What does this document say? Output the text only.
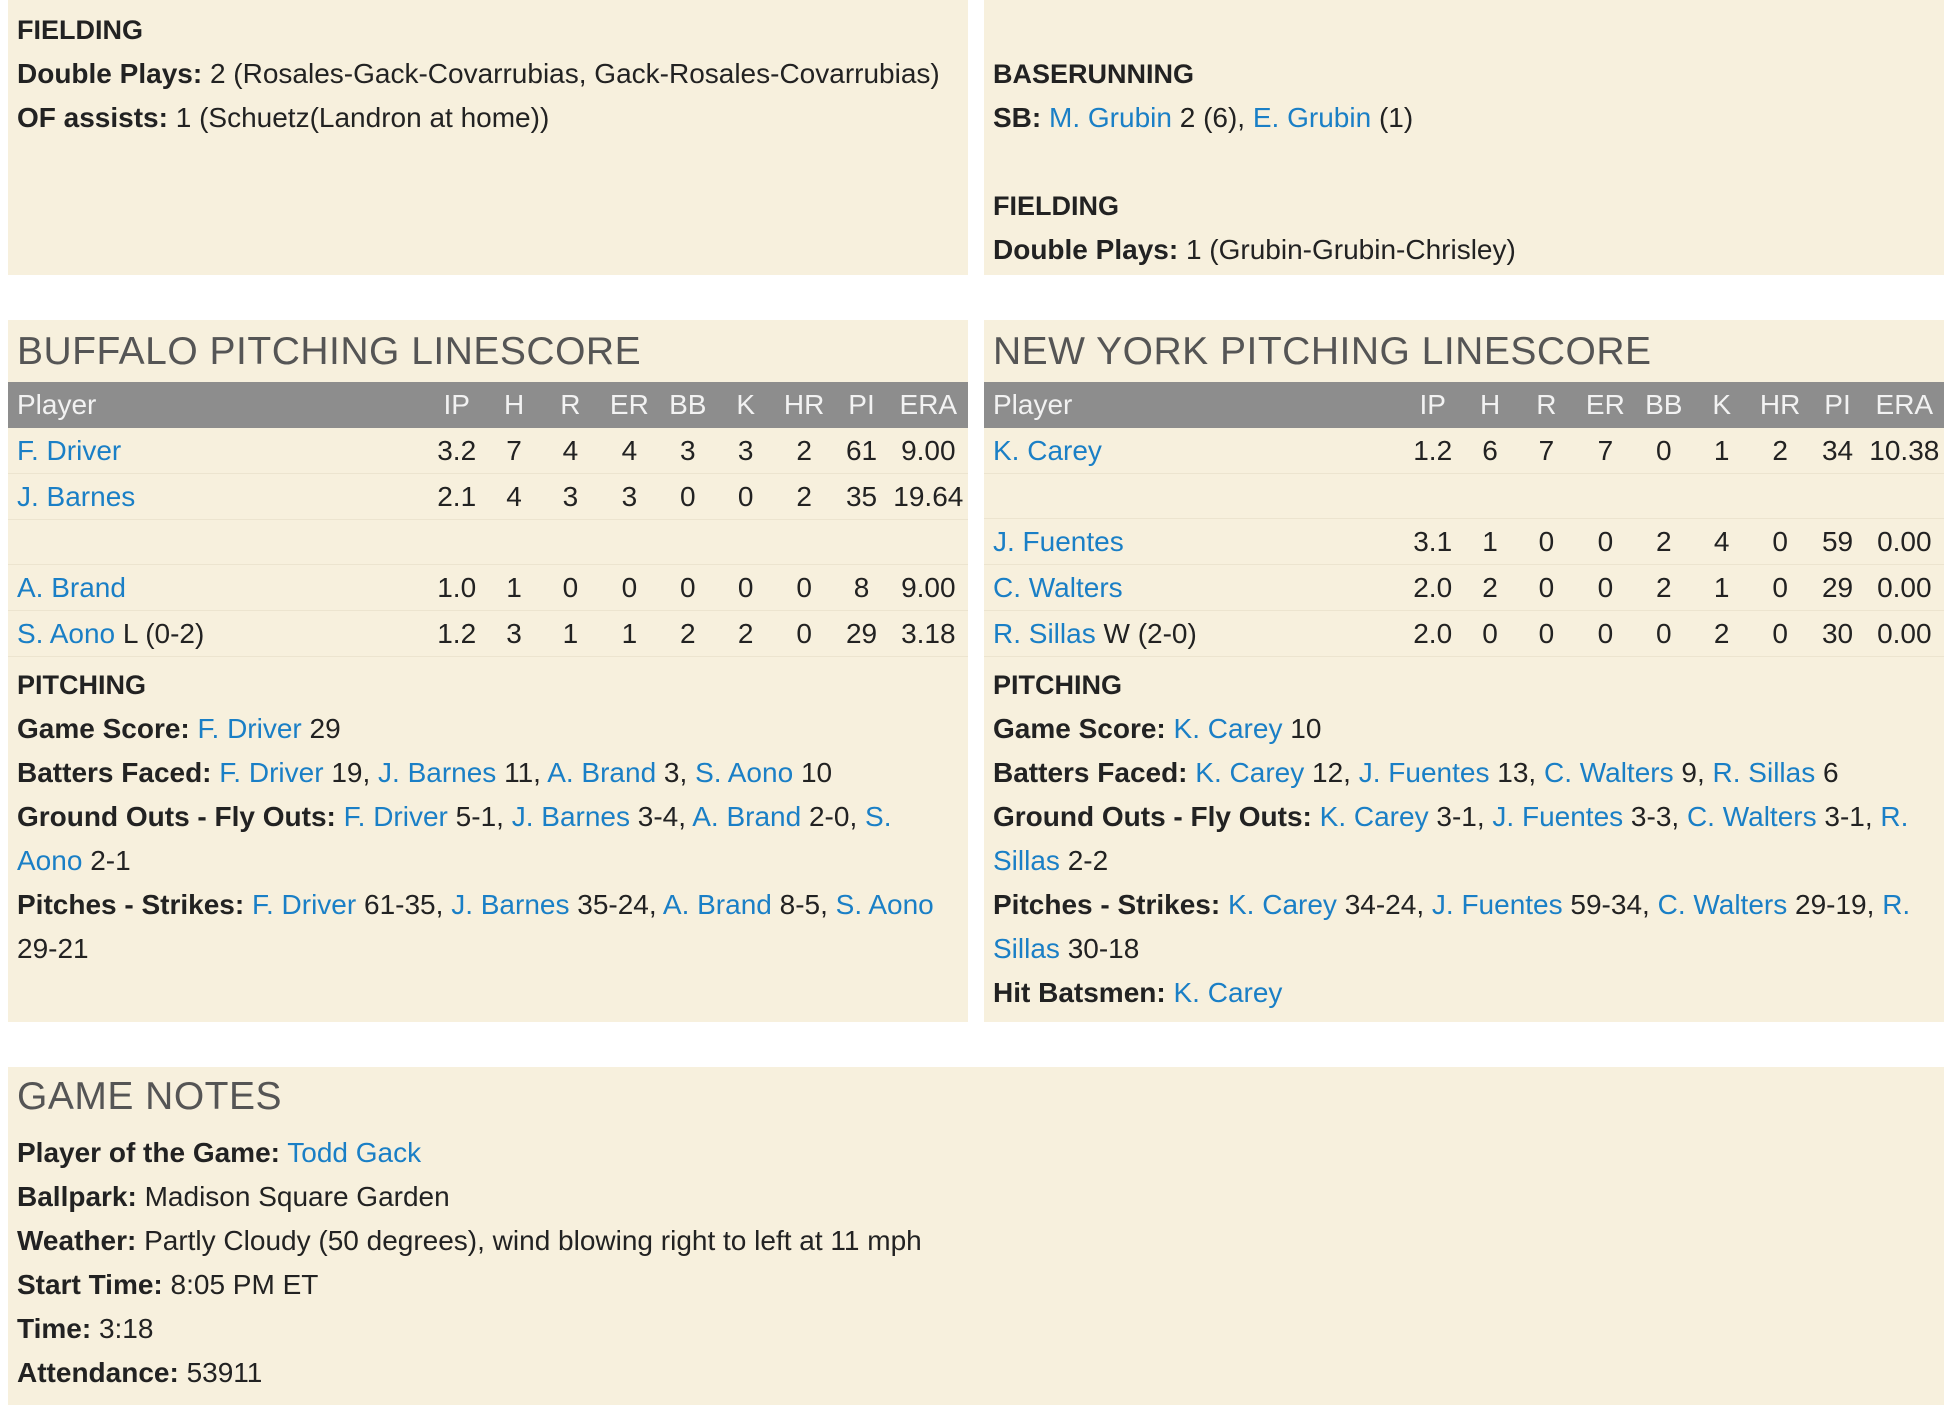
FIELDING
Double Plays: 2 (Rosales-Gack-Covarrubias, Gack-Rosales-Covarrubias)
OF assists: 1 (Schuetz(Landron at home))
BASERUNNING
SB: M. Grubin 2 (6), E. Grubin (1)
FIELDING
Double Plays: 1 (Grubin-Grubin-Chrisley)
BUFFALO PITCHING LINESCORE
Player	IP	H	R	ER	BB	K	HR	PI	ERA
F. Driver	3.2	7	4	4	3	3	2	61	9.00
J. Barnes	2.1	4	3	3	0	0	2	35	19.64

A. Brand	1.0	1	0	0	0	0	0	8	9.00
S. Aono L (0-2)	1.2	3	1	1	2	2	0	29	3.18
PITCHING
Game Score: F. Driver 29
Batters Faced: F. Driver 19, J. Barnes 11, A. Brand 3, S. Aono 10
Ground Outs - Fly Outs: F. Driver 5-1, J. Barnes 3-4, A. Brand 2-0, S. Aono 2-1
Pitches - Strikes: F. Driver 61-35, J. Barnes 35-24, A. Brand 8-5, S. Aono 29-21
NEW YORK PITCHING LINESCORE
Player	IP	H	R	ER	BB	K	HR	PI	ERA
K. Carey	1.2	6	7	7	0	1	2	34	10.38

J. Fuentes	3.1	1	0	0	2	4	0	59	0.00
C. Walters	2.0	2	0	0	2	1	0	29	0.00
R. Sillas W (2-0)	2.0	0	0	0	0	2	0	30	0.00
PITCHING
Game Score: K. Carey 10
Batters Faced: K. Carey 12, J. Fuentes 13, C. Walters 9, R. Sillas 6
Ground Outs - Fly Outs: K. Carey 3-1, J. Fuentes 3-3, C. Walters 3-1, R. Sillas 2-2
Pitches - Strikes: K. Carey 34-24, J. Fuentes 59-34, C. Walters 29-19, R. Sillas 30-18
Hit Batsmen: K. Carey
GAME NOTES
Player of the Game: Todd Gack
Ballpark: Madison Square Garden
Weather: Partly Cloudy (50 degrees), wind blowing right to left at 11 mph
Start Time: 8:05 PM ET
Time: 3:18
Attendance: 53911
